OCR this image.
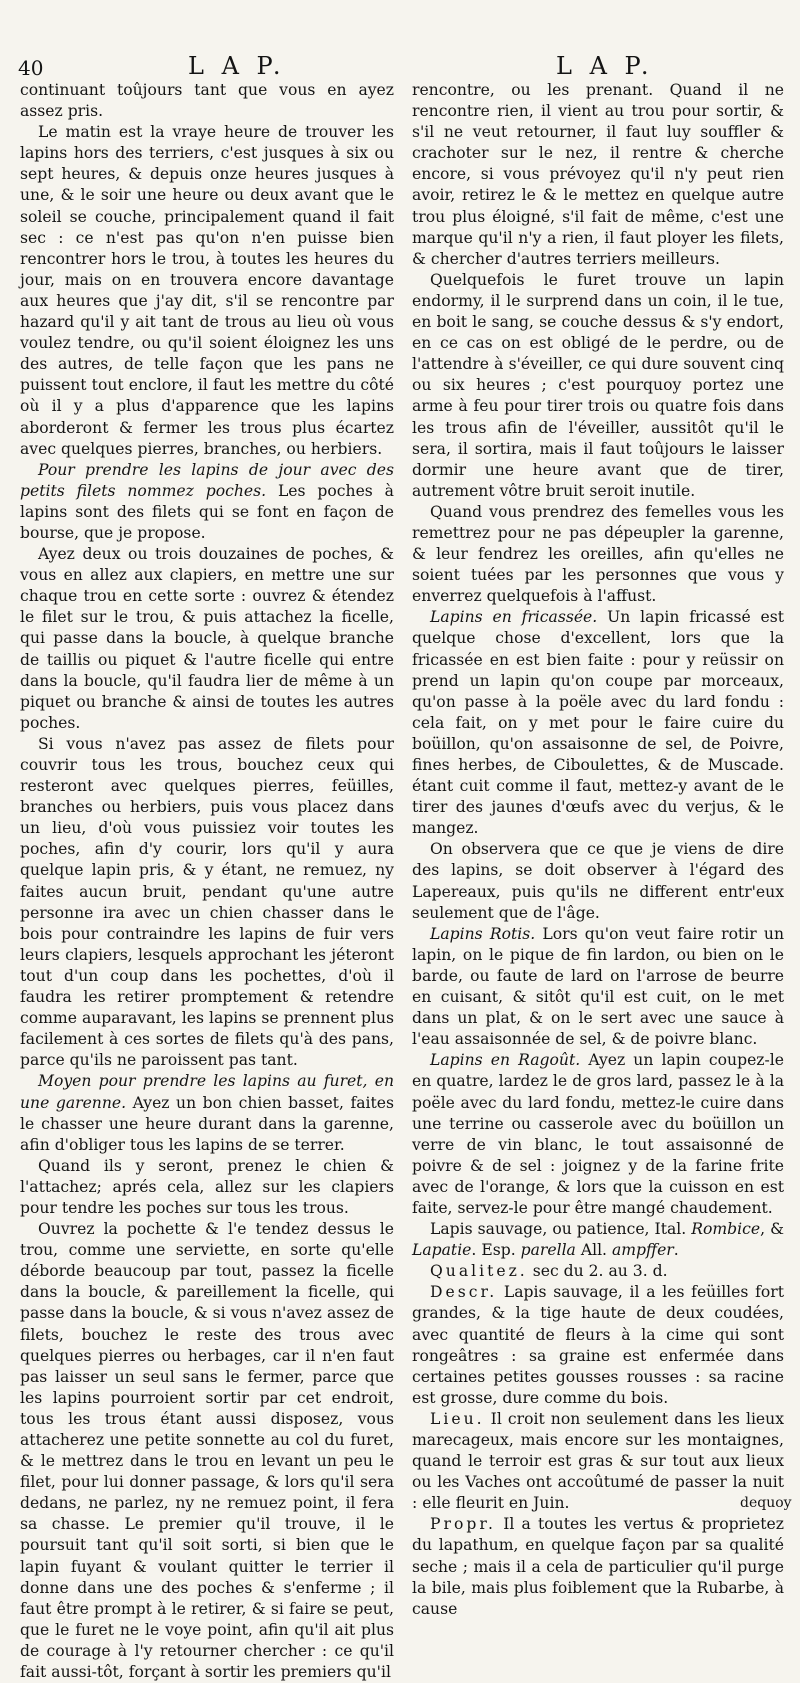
40	L A P.	L A P.

continuant toûjours tant que vous en ayez assez pris.

Le matin est la vraye heure de trouver les lapins hors des terriers, c'est jusques à six ou sept heures, & depuis onze heures jusques à une, & le soir une heure ou deux avant que le soleil se couche, principalement quand il fait sec : ce n'est pas qu'on n'en puisse bien rencontrer hors le trou, à toutes les heures du jour, mais on en trouvera encore davantage aux heures que j'ay dit, s'il se rencontre par hazard qu'il y ait tant de trous au lieu où vous voulez tendre, ou qu'il soient éloignez les uns des autres, de telle façon que les pans ne puissent tout enclore, il faut les mettre du côté où il y a plus d'apparence que les lapins aborderont & fermer les trous plus écartez avec quelques pierres, branches, ou herbiers.

Pour prendre les lapins de jour avec des petits filets nommez poches. Les poches à lapins sont des filets qui se font en façon de bourse, que je propose.

Ayez deux ou trois douzaines de poches, & vous en allez aux clapiers, en mettre une sur chaque trou en cette sorte : ouvrez & étendez le filet sur le trou, & puis attachez la ficelle, qui passe dans la boucle, à quelque branche de taillis ou piquet & l'autre ficelle qui entre dans la boucle, qu'il faudra lier de même à un piquet ou branche & ainsi de toutes les autres poches.

Si vous n'avez pas assez de filets pour couvrir tous les trous, bouchez ceux qui resteront avec quelques pierres, feüilles, branches ou herbiers, puis vous placez dans un lieu, d'où vous puissiez voir toutes les poches, afin d'y courir, lors qu'il y aura quelque lapin pris, & y étant, ne remuez, ny faites aucun bruit, pendant qu'une autre personne ira avec un chien chasser dans le bois pour contraindre les lapins de fuir vers leurs clapiers, lesquels approchant les jéteront tout d'un coup dans les pochettes, d'où il faudra les retirer promptement & retendre comme auparavant, les lapins se prennent plus facilement à ces sortes de filets qu'à des pans, parce qu'ils ne paroissent pas tant.

Moyen pour prendre les lapins au furet, en une garenne. Ayez un bon chien basset, faites le chasser une heure durant dans la garenne, afin d'obliger tous les lapins de se terrer.

Quand ils y seront, prenez le chien & l'attachez; aprés cela, allez sur les clapiers pour tendre les poches sur tous les trous.

Ouvrez la pochette & l'e tendez dessus le trou, comme une serviette, en sorte qu'elle déborde beaucoup par tout, passez la ficelle dans la boucle, & pareillement la ficelle, qui passe dans la boucle, & si vous n'avez assez de filets, bouchez le reste des trous avec quelques pierres ou herbages, car il n'en faut pas laisser un seul sans le fermer, parce que les lapins pourroient sortir par cet endroit, tous les trous étant aussi disposez, vous attacherez une petite sonnette au col du furet, & le mettrez dans le trou en levant un peu le filet, pour lui donner passage, & lors qu'il sera dedans, ne parlez, ny ne remuez point, il fera sa chasse. Le premier qu'il trouve, il le poursuit tant qu'il soit sorti, si bien que le lapin fuyant & voulant quitter le terrier il donne dans une des poches & s'enferme ; il faut être prompt à le retirer, & si faire se peut, que le furet ne le voye point, afin qu'il ait plus de courage à l'y retourner chercher : ce qu'il fait aussi-tôt, forçant à sortir les premiers qu'il

rencontre, ou les prenant. Quand il ne rencontre rien, il vient au trou pour sortir, & s'il ne veut retourner, il faut luy souffler & crachoter sur le nez, il rentre & cherche encore, si vous prévoyez qu'il n'y peut rien avoir, retirez le & le mettez en quelque autre trou plus éloigné, s'il fait de même, c'est une marque qu'il n'y a rien, il faut ployer les filets, & chercher d'autres terriers meilleurs.

Quelquefois le furet trouve un lapin endormy, il le surprend dans un coin, il le tue, en boit le sang, se couche dessus & s'y endort, en ce cas on est obligé de le perdre, ou de l'attendre à s'éveiller, ce qui dure souvent cinq ou six heures ; c'est pourquoy portez une arme à feu pour tirer trois ou quatre fois dans les trous afin de l'éveiller, aussitôt qu'il le sera, il sortira, mais il faut toûjours le laisser dormir une heure avant que de tirer, autrement vôtre bruit seroit inutile.

Quand vous prendrez des femelles vous les remettrez pour ne pas dépeupler la garenne, & leur fendrez les oreilles, afin qu'elles ne soient tuées par les personnes que vous y enverrez quelquefois à l'affust.

Lapins en fricassée. Un lapin fricassé est quelque chose d'excellent, lors que la fricassée en est bien faite : pour y reüssir on prend un lapin qu'on coupe par morceaux, qu'on passe à la poële avec du lard fondu : cela fait, on y met pour le faire cuire du boüillon, qu'on assaisonne de sel, de Poivre, fines herbes, de Ciboulettes, & de Muscade. étant cuit comme il faut, mettez-y avant de le tirer des jaunes d'œufs avec du verjus, & le mangez.

On observera que ce que je viens de dire des lapins, se doit observer à l'égard des Lapereaux, puis qu'ils ne different entr'eux seulement que de l'âge.

Lapins Rotis. Lors qu'on veut faire rotir un lapin, on le pique de fin lardon, ou bien on le barde, ou faute de lard on l'arrose de beurre en cuisant, & sitôt qu'il est cuit, on le met dans un plat, & on le sert avec une sauce à l'eau assaisonnée de sel, & de poivre blanc.

Lapins en Ragoût. Ayez un lapin coupez-le en quatre, lardez le de gros lard, passez le à la poële avec du lard fondu, mettez-le cuire dans une terrine ou casserole avec du boüillon un verre de vin blanc, le tout assaisonné de poivre & de sel : joignez y de la farine frite avec de l'orange, & lors que la cuisson en est faite, servez-le pour être mangé chaudement.

Lapis sauvage, ou patience, Ital. Rombice, & Lapatie. Esp. parella All. ampffer.

Qualitez. sec du 2. au 3. d.

Descr. Lapis sauvage, il a les feüilles fort grandes, & la tige haute de deux coudées, avec quantité de fleurs à la cime qui sont rongeâtres : sa graine est enfermée dans certaines petites gousses rousses : sa racine est grosse, dure comme du bois.

Lieu. Il croit non seulement dans les lieux marecageux, mais encore sur les montaignes, quand le terroir est gras & sur tout aux lieux ou les Vaches ont accoûtumé de passer la nuit : elle fleurit en Juin.

Propr. Il a toutes les vertus & proprietez du lapathum, en quelque façon par sa qualité seche ; mais il a cela de particulier qu'il purge la bile, mais plus foiblement que la Rubarbe, à cause

dequoy
